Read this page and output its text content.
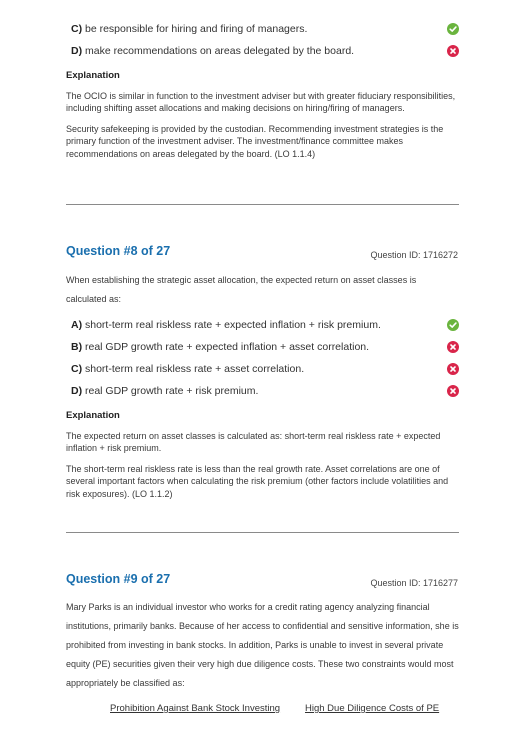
C) be responsible for hiring and firing of managers.
D) make recommendations on areas delegated by the board.

Explanation

The OCIO is similar in function to the investment adviser but with greater fiduciary responsibilities, including shifting asset allocations and making decisions on hiring/firing of managers.

Security safekeeping is provided by the custodian. Recommending investment strategies is the primary function of the investment adviser. The investment/finance committee makes recommendations on areas delegated by the board. (LO 1.1.4)

Question #8 of 27	Question ID: 1716272

When establishing the strategic asset allocation, the expected return on asset classes is calculated as:

A) short-term real riskless rate + expected inflation + risk premium.
B) real GDP growth rate + expected inflation + asset correlation.
C) short-term real riskless rate + asset correlation.
D) real GDP growth rate + risk premium.

Explanation

The expected return on asset classes is calculated as: short-term real riskless rate + expected inflation + risk premium.

The short-term real riskless rate is less than the real growth rate. Asset correlations are one of several important factors when calculating the risk premium (other factors include volatilities and risk exposures). (LO 1.1.2)

Question #9 of 27	Question ID: 1716277

Mary Parks is an individual investor who works for a credit rating agency analyzing financial institutions, primarily banks. Because of her access to confidential and sensitive information, she is prohibited from investing in bank stocks. In addition, Parks is unable to invest in several private equity (PE) securities given their very high due diligence costs. These two constraints would most appropriately be classified as:

Prohibition Against Bank Stock Investing	High Due Diligence Costs of PE
